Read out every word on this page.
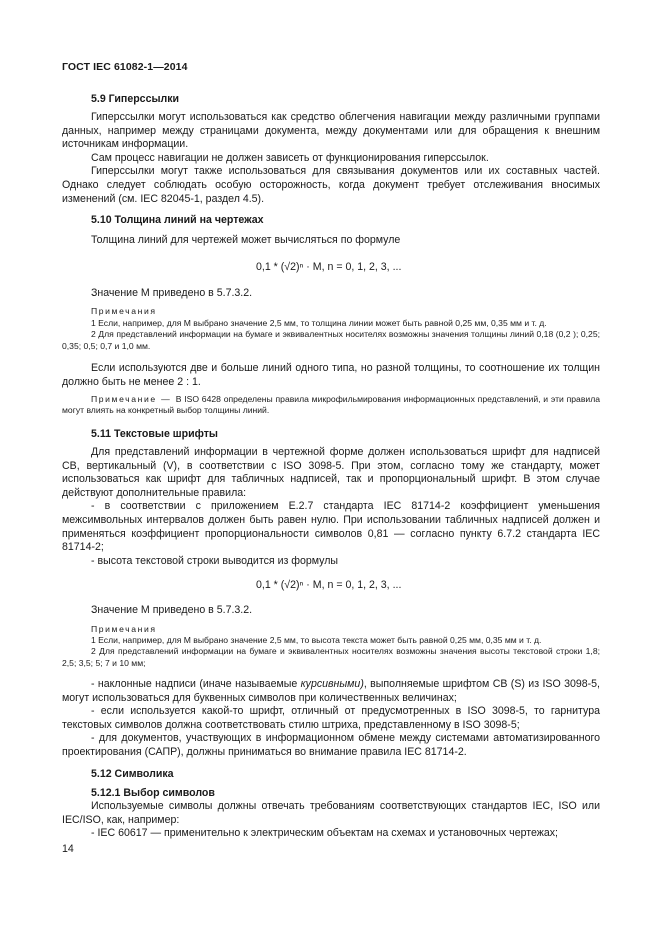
ГОСТ IEC 61082-1—2014
5.9 Гиперссылки

Гиперссылки могут использоваться как средство облегчения навигации между различными группами данных, например между страницами документа, между документами или для обращения к внешним источникам информации.

Сам процесс навигации не должен зависеть от функционирования гиперссылок.

Гиперссылки могут также использоваться для связывания документов или их составных частей. Однако следует соблюдать особую осторожность, когда документ требует отслеживания вносимых изменений (см. IEC 82045-1, раздел 4.5).

5.10 Толщина линий на чертежах
Толщина линий для чертежей может вычисляться по формуле
0,1 * (√2)ⁿ · M, n = 0, 1, 2, 3, ...
Значение M приведено в 5.7.3.2.
Примечания

1 Если, например, для M выбрано значение 2,5 мм, то толщина линии может быть равной 0,25 мм, 0,35 мм и т. д.

2 Для представлений информации на бумаге и эквивалентных носителях возможны значения толщины линий 0,18 (0,2 ); 0,25; 0,35; 0,5; 0,7 и 1,0 мм.

Если используются две и больше линий одного типа, но разной толщины, то соотношение их толщин должно быть не менее 2 : 1.
Примечание — В ISO 6428 определены правила микрофильмирования информационных представлений, и эти правила могут влиять на конкретный выбор толщины линий.
5.11 Текстовые шрифты

Для представлений информации в чертежной форме должен использоваться шрифт для надписей CB, вертикальный (V), в соответствии с ISO 3098-5. При этом, согласно тому же стандарту, может использоваться как шрифт для табличных надписей, так и пропорциональный шрифт. В этом случае действуют дополнительные правила:

- в соответствии с приложением E.2.7 стандарта IEC 81714-2 коэффициент уменьшения межсимвольных интервалов должен быть равен нулю. При использовании табличных надписей должен и применяться коэффициент пропорциональности символов 0,81 — согласно пункту 6.7.2 стандарта IEC 81714-2;

- высота текстовой строки выводится из формулы

0,1 * (√2)ⁿ · M, n = 0, 1, 2, 3, ...
Значение M приведено в 5.7.3.2.
Примечания

1 Если, например, для M выбрано значение 2,5 мм, то высота текста может быть равной 0,25 мм, 0,35 мм и т. д.

2 Для представлений информации на бумаге и эквивалентных носителях возможны значения высоты текстовой строки 1,8; 2,5; 3,5; 5; 7 и 10 мм;

- наклонные надписи (иначе называемые курсивными), выполняемые шрифтом CB (S) из ISO 3098-5, могут использоваться для буквенных символов при количественных величинах;

- eсли используется какой-то шрифт, отличный от предусмотренных в ISO 3098-5, то гарнитура текстовых символов должна соответствовать стилю штриха, представленному в ISO 3098-5;

- для документов, участвующих в информационном обмене между системами автоматизированного проектирования (САПР), должны приниматься во внимание правила IEC 81714-2.

5.12 Символика
5.12.1 Выбор символов

Используемые символы должны отвечать требованиям соответствующих стандартов IEC, ISO или IEC/ISO, как, например:

- IEC 60617 — применительно к электрическим объектам на схемах и установочных чертежах;

14
